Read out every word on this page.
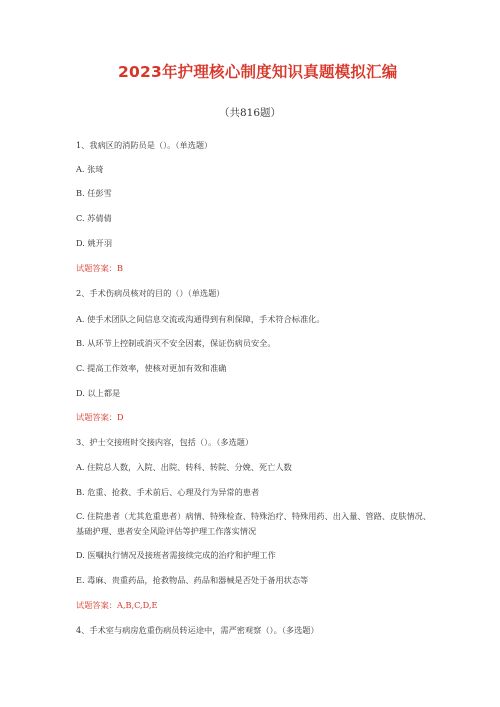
2023年护理核心制度知识真题模拟汇编
（共816题）
1、我病区的消防员是（）。（单选题）
A. 张琦
B. 任彭雪
C. 苏倩倩
D. 姚开羽
试题答案：B
2、手术伤病员核对的目的（）（单选题）
A. 使手术团队之间信息交流或沟通得到有利保障，手术符合标准化。
B. 从环节上控制或消灭不安全因素，保证伤病员安全。
C. 提高工作效率，使核对更加有效和准确
D. 以上都是
试题答案：D
3、护士交接班时交接内容，包括（）。（多选题）
A. 住院总人数，入院、出院、转科、转院、分娩、死亡人数
B. 危重、抢救、手术前后、心理及行为异常的患者
C. 住院患者（尤其危重患者）病情、特殊检查、特殊治疗、特殊用药、出入量、管路、皮肤情况、基础护理、患者安全风险评估等护理工作落实情况
D. 医嘱执行情况及接班者需接续完成的治疗和护理工作
E. 毒麻、贵重药品，抢救物品、药品和器械是否处于备用状态等
试题答案：A,B,C,D,E
4、手术室与病房危重伤病员转运途中，需严密观察（）。（多选题）
